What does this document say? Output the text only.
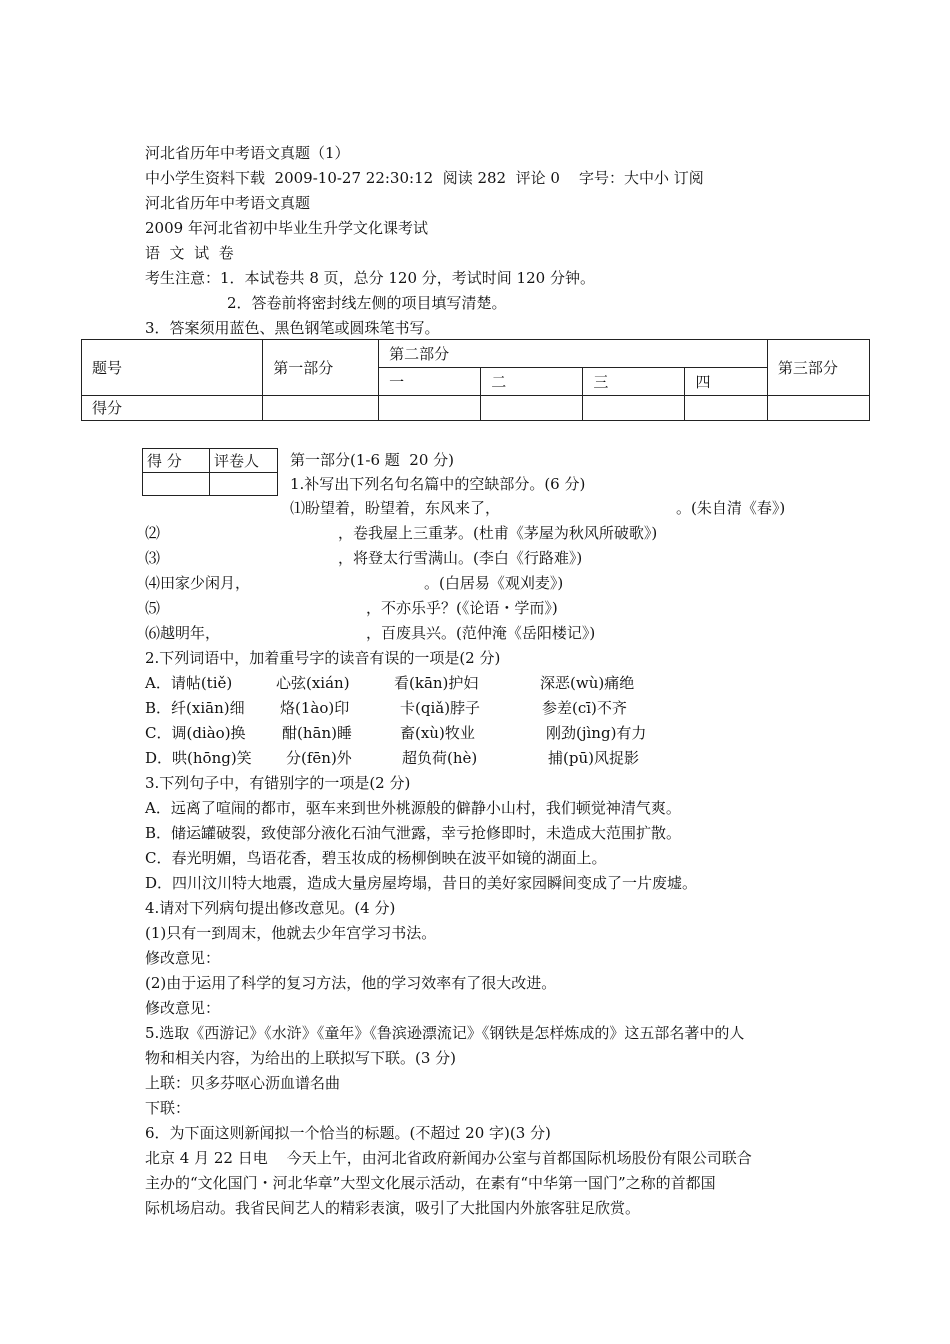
河北省历年中考语文真题（1）
中小学生资料下载  2009-10-27 22:30:12  阅读 282  评论 0    字号：大中小 订阅
河北省历年中考语文真题
2009 年河北省初中毕业生升学文化课考试
语  文  试  卷
考生注意：1．本试卷共 8 页，总分 120 分，考试时间 120 分钟。
2．答卷前将密封线左侧的项目填写清楚。
3．答案须用蓝色、黑色钢笔或圆珠笔书写。
题号	第一部分	第二部分				第三部分
		一	二	三	四	
得分						
得 分	评卷人
	第一部分(1-6 题  20 分)
1.补写出下列名句名篇中的空缺部分。(6 分)
⑴盼望着，盼望着，东风来了，	。(朱自清《春》)
⑵	，卷我屋上三重茅。(杜甫《茅屋为秋风所破歌》)
⑶	，将登太行雪满山。(李白《行路难》)
⑷田家少闲月，	。(白居易《观刈麦》)
⑸	，不亦乐乎？(《论语・学而》)
⑹越明年，	，百废具兴。(范仲淹《岳阳楼记》)
2.下列词语中，加着重号字的读音有误的一项是(2 分)
A．请帖(tiě)	心弦(xián)	看(kān)护妇	深恶(wù)痛绝
B．纤(xiān)细 烙(1ào)印	卡(qiǎ)脖子	参差(cī)不齐
C．调(diào)换 酣(hān)睡	畜(xù)牧业	刚劲(jìng)有力
D．哄(hōng)笑 分(fēn)外	超负荷(hè)	捕(pū)风捉影
3.下列句子中，有错别字的一项是(2 分)
A．远离了喧闹的都市，驱车来到世外桃源般的僻静小山村，我们顿觉神清气爽。
B．储运罐破裂，致使部分液化石油气泄露，幸亏抢修即时，未造成大范围扩散。
C．春光明媚，鸟语花香，碧玉妆成的杨柳倒映在波平如镜的湖面上。
D．四川汶川特大地震，造成大量房屋垮塌，昔日的美好家园瞬间变成了一片废墟。
4.请对下列病句提出修改意见。(4 分)
(1)只有一到周末，他就去少年宫学习书法。
修改意见：
(2)由于运用了科学的复习方法，他的学习效率有了很大改进。
修改意见：
5.选取《西游记》《水浒》《童年》《鲁滨逊漂流记》《钢铁是怎样炼成的》这五部名著中的人
物和相关内容，为给出的上联拟写下联。(3 分)
上联：贝多芬呕心沥血谱名曲
下联：
6．为下面这则新闻拟一个恰当的标题。(不超过 20 字)(3 分)
北京 4 月 22 日电    今天上午，由河北省政府新闻办公室与首都国际机场股份有限公司联合
主办的“文化国门・河北华章”大型文化展示活动，在素有“中华第一国门”之称的首都国
际机场启动。我省民间艺人的精彩表演，吸引了大批国内外旅客驻足欣赏。
